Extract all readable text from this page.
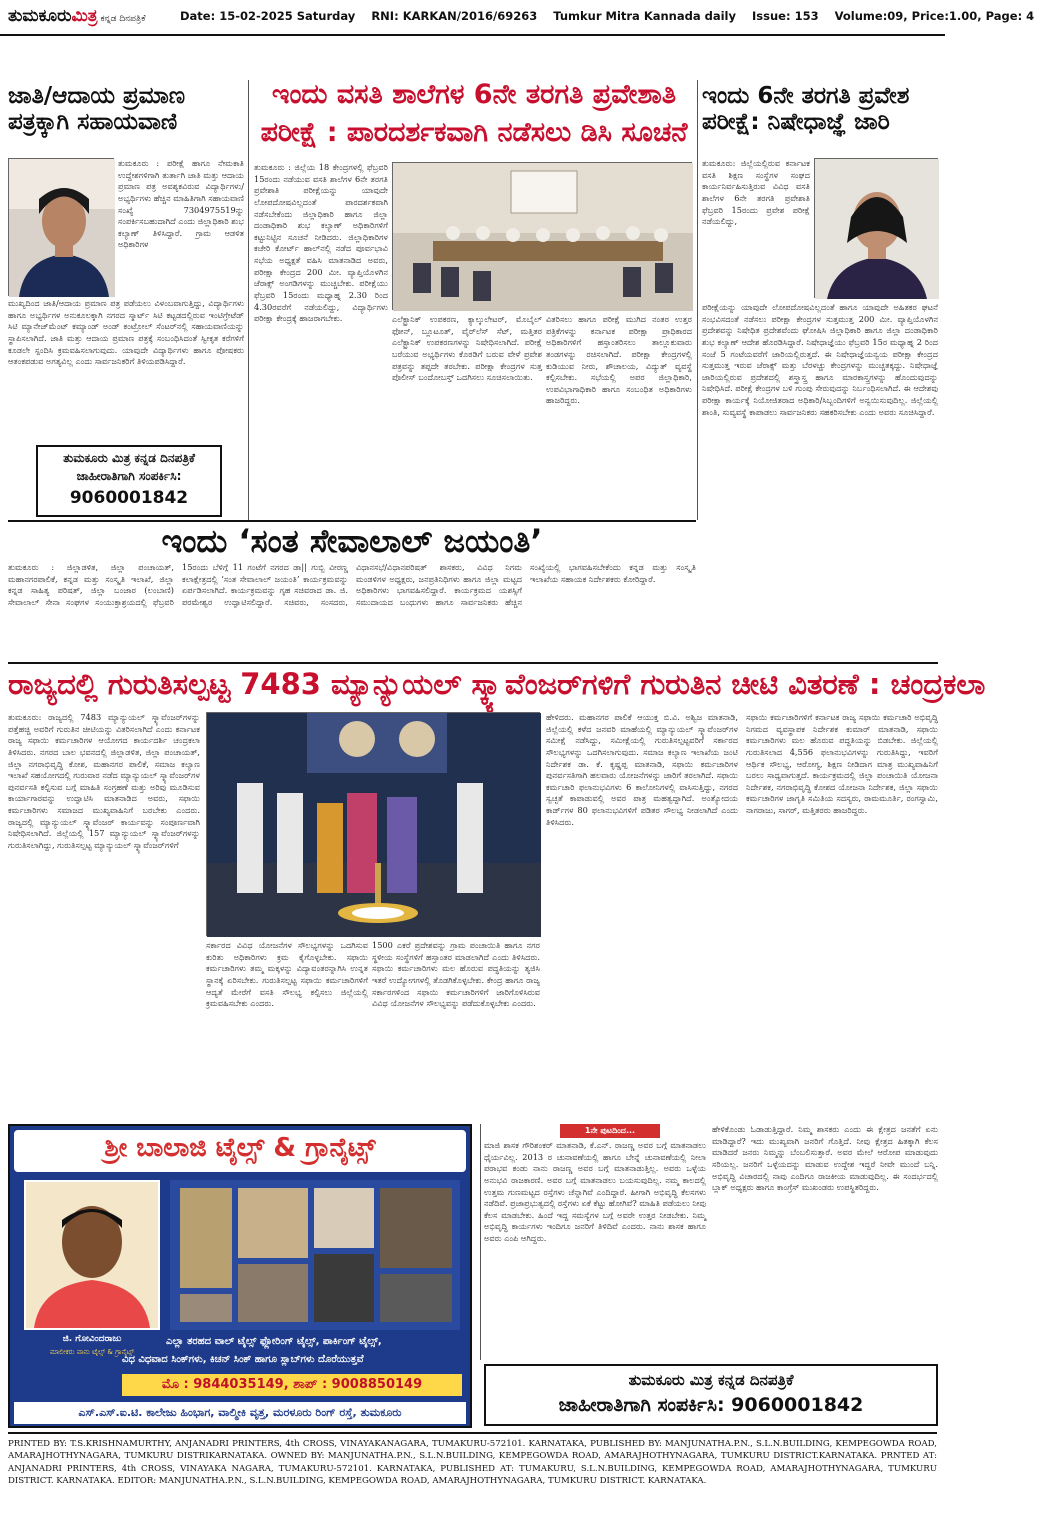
ತುಮಕೂರುಮಿತ್ರ ಕನ್ನಡ ದಿನಪತ್ರಿಕೆ	Date: 15-02-2025 Saturday RNI: KARKAN/2016/69263 Tumkur Mitra Kannada daily Issue: 153 Volume:09, Price:1.00, Page: 4
ಜಾತಿ/ಆದಾಯ ಪ್ರಮಾಣ ಪತ್ರಕ್ಕಾಗಿ ಸಹಾಯವಾಣಿ
ತುಮಕೂರು : ಪರೀಕ್ಷೆ ಹಾಗೂ ನೇಮಕಾತಿ ಉದ್ದೇಶಗಳಿಗಾಗಿ ತುರ್ತಾಗಿ ಜಾತಿ ಮತ್ತು ಆದಾಯ ಪ್ರಮಾಣ ಪತ್ರ ಅವಶ್ಯಕವಿರುವ ವಿದ್ಯಾರ್ಥಿಗಳು/ಅಭ್ಯರ್ಥಿಗಳು ಹೆಚ್ಚಿನ ಮಾಹಿತಿಗಾಗಿ ಸಹಾಯವಾಣಿ ಸಂಖ್ಯೆ 7304975519ನ್ನು ಸಂಪರ್ಕಿಸಬಹುದಾಗಿದೆ ಎಂದು ಜಿಲ್ಲಾಧಿಕಾರಿ ಶುಭ ಕಲ್ಯಾಣ್ ತಿಳಿಸಿದ್ದಾರೆ. ಗ್ರಾಮ ಆಡಳಿತ ಅಧಿಕಾರಿಗಳ
ಮುಖ್ಯದಿಂದ ಜಾತಿ/ಆದಾಯ ಪ್ರಮಾಣ ಪತ್ರ ಪಡೆಯಲು ವಿಳಂಬವಾಗುತ್ತಿದ್ದು, ವಿದ್ಯಾರ್ಥಿಗಳು ಹಾಗೂ ಅಭ್ಯರ್ಥಿಗಳ ಅನುಕೂಲಕ್ಕಾಗಿ ನಗರದ ಸ್ಮಾರ್ಟ್ ಸಿಟಿ ಕಟ್ಟಡದಲ್ಲಿರುವ ಇಂಟಿಗ್ರೇಟೆಡ್ ಸಿಟಿ ಮ್ಯಾನೇಜ್‌ಮೆಂಟ್ ಕಮ್ಯಾಂಡ್ ಅಂಡ್ ಕಂಟ್ರೋಲ್ ಸೆಂಟರ್‌ನಲ್ಲಿ ಸಹಾಯವಾಣಿಯನ್ನು ಸ್ಥಾಪಿಸಲಾಗಿದೆ. ಜಾತಿ ಮತ್ತು ಆದಾಯ ಪ್ರಮಾಣ ಪತ್ರಕ್ಕೆ ಸಂಬಂಧಿಸಿದಂತೆ ಸ್ವೀಕೃತ ಕರೆಗಳಿಗೆ ಕೂಡಲೇ ಸ್ಪಂದಿಸಿ ಕ್ರಮವಹಿಸಲಾಗುವುದು. ಯಾವುದೇ ವಿದ್ಯಾರ್ಥಿಗಳು ಹಾಗೂ ಪೋಷಕರು ಆತಂಕಪಡುವ ಅಗತ್ಯವಿಲ್ಲ ಎಂದು ಸಾರ್ವಜನಿಕರಿಗೆ ತಿಳಿಯಪಡಿಸಿದ್ದಾರೆ.
ತುಮಕೂರು ಮಿತ್ರ ಕನ್ನಡ ದಿನಪತ್ರಿಕೆ
ಜಾಹೀರಾತಿಗಾಗಿ ಸಂಪರ್ಕಿಸಿ:
9060001842
ಇಂದು ವಸತಿ ಶಾಲೆಗಳ 6ನೇ ತರಗತಿ ಪ್ರವೇಶಾತಿ
ಪರೀಕ್ಷೆ : ಪಾರದರ್ಶಕವಾಗಿ ನಡೆಸಲು ಡಿಸಿ ಸೂಚನೆ
ತುಮಕೂರು : ಜಿಲ್ಲೆಯ 18 ಕೇಂದ್ರಗಳಲ್ಲಿ ಫೆಬ್ರವರಿ 15ರಂದು ನಡೆಯುವ ವಸತಿ ಶಾಲೆಗಳ 6ನೇ ತರಗತಿ ಪ್ರವೇಶಾತಿ ಪರೀಕ್ಷೆಯನ್ನು ಯಾವುದೇ ಲೋಪದೋಷವಿಲ್ಲದಂತೆ ಪಾರದರ್ಶಕವಾಗಿ ನಡೆಸಬೇಕೆಂದು ಜಿಲ್ಲಾಧಿಕಾರಿ ಹಾಗೂ ಜಿಲ್ಲಾ ದಂಡಾಧಿಕಾರಿ ಶುಭ ಕಲ್ಯಾಣ್ ಅಧಿಕಾರಿಗಳಿಗೆ ಕಟ್ಟುನಿಟ್ಟಿನ ಸೂಚನೆ ನೀಡಿದರು. ಜಿಲ್ಲಾಧಿಕಾರಿಗಳ ಕಚೇರಿ ಕೋರ್ಟ್ ಹಾಲ್‌ನಲ್ಲಿ ನಡೆದ ಪೂರ್ವಭಾವಿ ಸಭೆಯ ಅಧ್ಯಕ್ಷತೆ ವಹಿಸಿ ಮಾತನಾಡಿದ ಅವರು, ಪರೀಕ್ಷಾ ಕೇಂದ್ರದ 200 ಮೀ. ವ್ಯಾಪ್ತಿಯೊಳಗಿನ ಜೆರಾಕ್ಸ್ ಅಂಗಡಿಗಳನ್ನು ಮುಚ್ಚಬೇಕು. ಪರೀಕ್ಷೆಯು ಫೆಬ್ರವರಿ 15ರಂದು ಮಧ್ಯಾಹ್ನ 2.30 ರಿಂದ 4.30ರವರೆಗೆ ನಡೆಯಲಿದ್ದು, ವಿದ್ಯಾರ್ಥಿಗಳು ಪರೀಕ್ಷಾ ಕೇಂದ್ರಕ್ಕೆ ಹಾಜರಾಗಬೇಕು.	ಎಲೆಕ್ಟ್ರಾನಿಕ್ ಉಪಕರಣ, ಕ್ಯಾಲ್ಕುಲೇಟರ್, ಮೊಬೈಲ್ ಫೋನ್, ಬ್ಲೂಟೂತ್, ವೈರ್‌ಲೆಸ್ ಸೆಟ್, ಮತ್ತಿತರ ಎಲೆಕ್ಟ್ರಾನಿಕ್ ಉಪಕರಣಗಳನ್ನು ನಿಷೇಧಿಸಲಾಗಿದೆ. ಪರೀಕ್ಷೆ ಬರೆಯುವ ಅಭ್ಯರ್ಥಿಗಳು ಕೊಠಡಿಗೆ ಬರುವ ವೇಳೆ ಪ್ರವೇಶ ಪತ್ರವನ್ನು ತಪ್ಪದೇ ತರಬೇಕು. ಪರೀಕ್ಷಾ ಕೇಂದ್ರಗಳ ಸುತ್ತ ಪೊಲೀಸ್ ಬಂದೋಬಸ್ತ್ ಒದಗಿಸಲು ಸೂಚಿಸಲಾಯಿತು.
ವಿತರಿಸಲು ಹಾಗೂ ಪರೀಕ್ಷೆ ಮುಗಿದ ನಂತರ ಉತ್ತರ ಪತ್ರಿಕೆಗಳನ್ನು ಕರ್ನಾಟಕ ಪರೀಕ್ಷಾ ಪ್ರಾಧಿಕಾರದ ಅಧಿಕಾರಿಗಳಿಗೆ ಹಸ್ತಾಂತರಿಸಲು ತಾಲ್ಲೂಕುವಾರು ತಂಡಗಳನ್ನು ರಚಿಸಲಾಗಿದೆ. ಪರೀಕ್ಷಾ ಕೇಂದ್ರಗಳಲ್ಲಿ ಕುಡಿಯುವ ನೀರು, ಶೌಚಾಲಯ, ವಿದ್ಯುತ್ ವ್ಯವಸ್ಥೆ ಕಲ್ಪಿಸಬೇಕು. ಸಭೆಯಲ್ಲಿ ಅಪರ ಜಿಲ್ಲಾಧಿಕಾರಿ, ಉಪವಿಭಾಗಾಧಿಕಾರಿ ಹಾಗೂ ಸಂಬಂಧಿತ ಅಧಿಕಾರಿಗಳು ಹಾಜರಿದ್ದರು.
ಇಂದು 6ನೇ ತರಗತಿ ಪ್ರವೇಶ ಪರೀಕ್ಷೆ: ನಿಷೇಧಾಜ್ಞೆ ಜಾರಿ
ತುಮಕೂರು: ಜಿಲ್ಲೆಯಲ್ಲಿರುವ ಕರ್ನಾಟಕ ವಸತಿ ಶಿಕ್ಷಣ ಸಂಸ್ಥೆಗಳ ಸಂಘದ ಕಾರ್ಯನಿರ್ವಹಿಸುತ್ತಿರುವ ವಿವಿಧ ವಸತಿ ಶಾಲೆಗಳ 6ನೇ ತರಗತಿ ಪ್ರವೇಶಾತಿ ಫೆಬ್ರವರಿ 15ರಂದು ಪ್ರವೇಶ ಪರೀಕ್ಷೆ ನಡೆಯಲಿದ್ದು,
ಪರೀಕ್ಷೆಯನ್ನು ಯಾವುದೇ ಲೋಪದೋಷವಿಲ್ಲದಂತೆ ಹಾಗೂ ಯಾವುದೇ ಅಹಿತಕರ ಘಟನೆ ಸಂಭವಿಸದಂತೆ ನಡೆಸಲು ಪರೀಕ್ಷಾ ಕೇಂದ್ರಗಳ ಸುತ್ತಮುತ್ತ 200 ಮೀ. ವ್ಯಾಪ್ತಿಯೊಳಗಿನ ಪ್ರದೇಶವನ್ನು ನಿಷೇಧಿತ ಪ್ರದೇಶವೆಂದು ಘೋಷಿಸಿ ಜಿಲ್ಲಾಧಿಕಾರಿ ಹಾಗೂ ಜಿಲ್ಲಾ ದಂಡಾಧಿಕಾರಿ ಶುಭ ಕಲ್ಯಾಣ್ ಆದೇಶ ಹೊರಡಿಸಿದ್ದಾರೆ. ನಿಷೇಧಾಜ್ಞೆಯು ಫೆಬ್ರವರಿ 15ರ ಮಧ್ಯಾಹ್ನ 2 ರಿಂದ ಸಂಜೆ 5 ಗಂಟೆಯವರೆಗೆ ಜಾರಿಯಲ್ಲಿರುತ್ತದೆ. ಈ ನಿಷೇಧಾಜ್ಞೆಯನ್ವಯ ಪರೀಕ್ಷಾ ಕೇಂದ್ರದ ಸುತ್ತಮುತ್ತ ಇರುವ ಜೆರಾಕ್ಸ್ ಮತ್ತು ಬೆರಳಚ್ಚು ಕೇಂದ್ರಗಳನ್ನು ಮುಚ್ಚತಕ್ಕದ್ದು. ನಿಷೇಧಾಜ್ಞೆ ಜಾರಿಯಲ್ಲಿರುವ ಪ್ರದೇಶದಲ್ಲಿ ಶಸ್ತ್ರಾಸ್ತ್ರ ಹಾಗೂ ಮಾರಕಾಸ್ತ್ರಗಳನ್ನು ಹೊಂದುವುದನ್ನು ನಿಷೇಧಿಸಿದೆ. ಪರೀಕ್ಷೆ ಕೇಂದ್ರಗಳ ಬಳಿ ಗುಂಪು ಸೇರುವುದನ್ನು ನಿರ್ಬಂಧಿಸಲಾಗಿದೆ. ಈ ಆದೇಶವು ಪರೀಕ್ಷಾ ಕಾರ್ಯಕ್ಕೆ ನಿಯೋಜಿತರಾದ ಅಧಿಕಾರಿ/ಸಿಬ್ಬಂದಿಗಳಿಗೆ ಅನ್ವಯಿಸುವುದಿಲ್ಲ. ಜಿಲ್ಲೆಯಲ್ಲಿ ಶಾಂತಿ, ಸುವ್ಯವಸ್ಥೆ ಕಾಪಾಡಲು ಸಾರ್ವಜನಿಕರು ಸಹಕರಿಸಬೇಕು ಎಂದು ಅವರು ಸೂಚಿಸಿದ್ದಾರೆ.
ಇಂದು ‘ಸಂತ ಸೇವಾಲಾಲ್ ಜಯಂತಿ’
ತುಮಕೂರು : ಜಿಲ್ಲಾಡಳಿತ, ಜಿಲ್ಲಾ ಪಂಚಾಯತ್, ಮಹಾನಗರಪಾಲಿಕೆ, ಕನ್ನಡ ಮತ್ತು ಸಂಸ್ಕೃತಿ ಇಲಾಖೆ, ಜಿಲ್ಲಾ ಕನ್ನಡ ಸಾಹಿತ್ಯ ಪರಿಷತ್, ಜಿಲ್ಲಾ ಬಂಜಾರ (ಲಂಬಾಣಿ) ಸೇವಾಲಾಲ್ ಸೇನಾ ಸಂಘಗಳ ಸಂಯುಕ್ತಾಶ್ರಯದಲ್ಲಿ ಫೆಬ್ರವರಿ 15ರಂದು ಬೆಳಿಗ್ಗೆ 11 ಗಂಟೆಗೆ ನಗರದ ಡಾ|| ಗುಬ್ಬಿ ವೀರಣ್ಣ ಕಲಾಕ್ಷೇತ್ರದಲ್ಲಿ ‘ಸಂತ ಸೇವಾಲಾಲ್ ಜಯಂತಿ’ ಕಾರ್ಯಕ್ರಮವನ್ನು ಏರ್ಪಡಿಸಲಾಗಿದೆ. ಕಾರ್ಯಕ್ರಮವನ್ನು ಗೃಹ ಸಚಿವರಾದ ಡಾ. ಜಿ. ಪರಮೇಶ್ವರ ಉದ್ಘಾಟಿಸಲಿದ್ದಾರೆ. ಸಚಿವರು, ಸಂಸದರು, ವಿಧಾನಸಭೆ/ವಿಧಾನಪರಿಷತ್ ಶಾಸಕರು, ವಿವಿಧ ನಿಗಮ ಮಂಡಳಿಗಳ ಅಧ್ಯಕ್ಷರು, ಜನಪ್ರತಿನಿಧಿಗಳು ಹಾಗೂ ಜಿಲ್ಲಾ ಮಟ್ಟದ ಅಧಿಕಾರಿಗಳು ಭಾಗವಹಿಸಲಿದ್ದಾರೆ. ಕಾರ್ಯಕ್ರಮದ ಯಶಸ್ಸಿಗೆ ಸಮುದಾಯದ ಬಂಧುಗಳು ಹಾಗೂ ಸಾರ್ವಜನಿಕರು ಹೆಚ್ಚಿನ ಸಂಖ್ಯೆಯಲ್ಲಿ ಭಾಗವಹಿಸಬೇಕೆಂದು ಕನ್ನಡ ಮತ್ತು ಸಂಸ್ಕೃತಿ ಇಲಾಖೆಯ ಸಹಾಯಕ ನಿರ್ದೇಶಕರು ಕೋರಿದ್ದಾರೆ.
ರಾಜ್ಯದಲ್ಲಿ ಗುರುತಿಸಲ್ಪಟ್ಟ 7483 ಮ್ಯಾನ್ಯುಯಲ್ ಸ್ಕ್ಯಾವೆಂಜರ್‌ಗಳಿಗೆ ಗುರುತಿನ ಚೀಟಿ ವಿತರಣೆ : ಚಂದ್ರಕಲಾ
ತುಮಕೂರು: ರಾಜ್ಯದಲ್ಲಿ 7483 ಮ್ಯಾನ್ಯುಯಲ್ ಸ್ಕ್ಯಾವೆಂಜರ್‌ಗಳನ್ನು ಪತ್ತೆಹಚ್ಚಿ ಅವರಿಗೆ ಗುರುತಿನ ಚೀಟಿಯನ್ನು ವಿತರಿಸಲಾಗಿದೆ ಎಂದು ಕರ್ನಾಟಕ ರಾಜ್ಯ ಸಫಾಯಿ ಕರ್ಮಚಾರಿಗಳ ಆಯೋಗದ ಕಾರ್ಯದರ್ಶಿ ಚಂದ್ರಕಲಾ ತಿಳಿಸಿದರು. ನಗರದ ಬಾಲ ಭವನದಲ್ಲಿ ಜಿಲ್ಲಾಡಳಿತ, ಜಿಲ್ಲಾ ಪಂಚಾಯತ್, ಜಿಲ್ಲಾ ನಗರಾಭಿವೃದ್ಧಿ ಕೋಶ, ಮಹಾನಗರ ಪಾಲಿಕೆ, ಸಮಾಜ ಕಲ್ಯಾಣ ಇಲಾಖೆ ಸಹಯೋಗದಲ್ಲಿ ಗುರುವಾರ ನಡೆದ ಮ್ಯಾನ್ಯುಯಲ್ ಸ್ಕ್ಯಾವೆಂಜರ್‌ಗಳ ಪುನರ್ವಸತಿ ಕಲ್ಪಿಸುವ ಬಗ್ಗೆ ಮಾಹಿತಿ ಸಂಗ್ರಹಣೆ ಮತ್ತು ಅರಿವು ಮೂಡಿಸುವ ಕಾರ್ಯಾಗಾರವನ್ನು ಉದ್ಘಾಟಿಸಿ ಮಾತನಾಡಿದ ಅವರು, ಸಫಾಯಿ ಕರ್ಮಚಾರಿಗಳು ಸಮಾಜದ ಮುಖ್ಯವಾಹಿನಿಗೆ ಬರಬೇಕು ಎಂದರು. ರಾಜ್ಯದಲ್ಲಿ ಮ್ಯಾನ್ಯುಯಲ್ ಸ್ಕ್ಯಾವೆಂಜರ್ ಕಾರ್ಯವನ್ನು ಸಂಪೂರ್ಣವಾಗಿ ನಿಷೇಧಿಸಲಾಗಿದೆ. ಜಿಲ್ಲೆಯಲ್ಲಿ 157 ಮ್ಯಾನ್ಯುಯಲ್ ಸ್ಕ್ಯಾವೆಂಜರ್‌ಗಳನ್ನು ಗುರುತಿಸಲಾಗಿದ್ದು, ಗುರುತಿಸಲ್ಪಟ್ಟ ಮ್ಯಾನ್ಯುಯಲ್ ಸ್ಕ್ಯಾವೆಂಜರ್‌ಗಳಿಗೆ
ಸರ್ಕಾರದ ವಿವಿಧ ಯೋಜನೆಗಳ ಸೌಲಭ್ಯಗಳನ್ನು ಒದಗಿಸುವ ಕುರಿತು ಅಧಿಕಾರಿಗಳು ಕ್ರಮ ಕೈಗೊಳ್ಳಬೇಕು. ಸಫಾಯಿ ಕರ್ಮಚಾರಿಗಳು ತಮ್ಮ ಮಕ್ಕಳನ್ನು ವಿದ್ಯಾವಂತರನ್ನಾಗಿಸಿ ಉನ್ನತ ಸ್ಥಾನಕ್ಕೆ ಏರಿಸಬೇಕು. ಗುರುತಿಸಲ್ಪಟ್ಟ ಸಫಾಯಿ ಕರ್ಮಚಾರಿಗಳಿಗೆ ಆದ್ಯತೆ ಮೇರೆಗೆ ವಸತಿ ಸೌಲಭ್ಯ ಕಲ್ಪಿಸಲು ಜಿಲ್ಲೆಯಲ್ಲಿ ಕ್ರಮವಹಿಸಬೇಕು ಎಂದರು.
1500 ಎಕರೆ ಪ್ರದೇಶವನ್ನು ಗ್ರಾಮ ಪಂಚಾಯಿತಿ ಹಾಗೂ ನಗರ ಸ್ಥಳೀಯ ಸಂಸ್ಥೆಗಳಿಗೆ ಹಸ್ತಾಂತರ ಮಾಡಲಾಗಿದೆ ಎಂದು ತಿಳಿಸಿದರು. ಸಫಾಯಿ ಕರ್ಮಚಾರಿಗಳು ಮಲ ಹೊರುವ ಪದ್ಧತಿಯನ್ನು ತ್ಯಜಿಸಿ ಇತರೆ ಉದ್ಯೋಗಗಳಲ್ಲಿ ತೊಡಗಿಕೊಳ್ಳಬೇಕು. ಕೇಂದ್ರ ಹಾಗೂ ರಾಜ್ಯ ಸರ್ಕಾರಗಳಿಂದ ಸಫಾಯಿ ಕರ್ಮಚಾರಿಗಳಿಗೆ ಜಾರಿಗೊಳಿಸಿರುವ ವಿವಿಧ ಯೋಜನೆಗಳ ಸೌಲಭ್ಯವನ್ನು ಪಡೆದುಕೊಳ್ಳಬೇಕು ಎಂದರು.
ಹೇಳಿದರು. ಮಹಾನಗರ ಪಾಲಿಕೆ ಆಯುಕ್ತ ಬಿ.ವಿ. ಅಶ್ವಿಜ ಮಾತನಾಡಿ, ಜಿಲ್ಲೆಯಲ್ಲಿ ಕಳೆದ ಜನವರಿ ಮಾಹೆಯಲ್ಲಿ ಮ್ಯಾನ್ಯುಯಲ್ ಸ್ಕ್ಯಾವೆಂಜರ್‌ಗಳ ಸಮೀಕ್ಷೆ ನಡೆಸಿದ್ದು, ಸಮೀಕ್ಷೆಯಲ್ಲಿ ಗುರುತಿಸಲ್ಪಟ್ಟವರಿಗೆ ಸರ್ಕಾರದ ಸೌಲಭ್ಯಗಳನ್ನು ಒದಗಿಸಲಾಗುವುದು. ಸಮಾಜ ಕಲ್ಯಾಣ ಇಲಾಖೆಯ ಜಂಟಿ ನಿರ್ದೇಶಕ ಡಾ. ಕೆ. ಕೃಷ್ಣಪ್ಪ ಮಾತನಾಡಿ, ಸಫಾಯಿ ಕರ್ಮಚಾರಿಗಳ ಪುನರ್ವಸತಿಗಾಗಿ ಹಲವಾರು ಯೋಜನೆಗಳನ್ನು ಜಾರಿಗೆ ತರಲಾಗಿದೆ. ಸಫಾಯಿ ಕರ್ಮಚಾರಿ ಫಲಾನುಭವಿಗಳು 6 ಕಾಲೋನಿಗಳಲ್ಲಿ ವಾಸಿಸುತ್ತಿದ್ದು, ನಗರದ ಸ್ವಚ್ಛತೆ ಕಾಪಾಡುವಲ್ಲಿ ಅವರ ಪಾತ್ರ ಮಹತ್ವದ್ದಾಗಿದೆ. ಅಂತ್ಯೋದಯ ಕಾರ್ಡ್‌ಗಳ 80 ಫಲಾನುಭವಿಗಳಿಗೆ ಪಡಿತರ ಸೌಲಭ್ಯ ನೀಡಲಾಗಿದೆ ಎಂದು ತಿಳಿಸಿದರು.
ಸಫಾಯಿ ಕರ್ಮಚಾರಿಗಳಿಗೆ ಕರ್ನಾಟಕ ರಾಜ್ಯ ಸಫಾಯಿ ಕರ್ಮಚಾರಿ ಅಭಿವೃದ್ಧಿ ನಿಗಮದ ವ್ಯವಸ್ಥಾಪಕ ನಿರ್ದೇಶಕ ಕುಮಾರ್ ಮಾತನಾಡಿ, ಸಫಾಯಿ ಕರ್ಮಚಾರಿಗಳು ಮಲ ಹೊರುವ ಪದ್ಧತಿಯನ್ನು ಬಿಡಬೇಕು. ಜಿಲ್ಲೆಯಲ್ಲಿ ಗುರುತಿಸಲಾದ 4,556 ಫಲಾನುಭವಿಗಳನ್ನು ಗುರುತಿಸಿದ್ದು, ಇವರಿಗೆ ಆರ್ಥಿಕ ಸೌಲಭ್ಯ, ಆರೋಗ್ಯ, ಶಿಕ್ಷಣ ನೀಡಿದಾಗ ಮಾತ್ರ ಮುಖ್ಯವಾಹಿನಿಗೆ ಬರಲು ಸಾಧ್ಯವಾಗುತ್ತದೆ. ಕಾರ್ಯಕ್ರಮದಲ್ಲಿ ಜಿಲ್ಲಾ ಪಂಚಾಯಿತಿ ಯೋಜನಾ ನಿರ್ದೇಶಕ, ನಗರಾಭಿವೃದ್ಧಿ ಕೋಶದ ಯೋಜನಾ ನಿರ್ದೇಶಕ, ಜಿಲ್ಲಾ ಸಫಾಯಿ ಕರ್ಮಚಾರಿಗಳ ಜಾಗೃತಿ ಸಮಿತಿಯ ಸದಸ್ಯರು, ರಾಮಮೂರ್ತಿ, ರಂಗಸ್ವಾಮಿ, ನಾಗರಾಜು, ಸಾಗರ್, ಮತ್ತಿತರರು ಹಾಜರಿದ್ದರು.
ಶ್ರೀ ಬಾಲಾಜಿ ಟೈಲ್ಸ್ & ಗ್ರಾನೈಟ್ಸ್
ಜಿ. ಗೋವಿಂದರಾಜು
ಮಾಲೀಕರು ವಾನು ಟೈಲ್ಸ್ & ಗ್ರಾನೈಟ್ಸ್
ಎಲ್ಲಾ ತರಹದ ವಾಲ್ ಟೈಲ್ಸ್ ಫ್ಲೋರಿಂಗ್ ಟೈಲ್ಸ್, ಪಾರ್ಕಿಂಗ್ ಟೈಲ್ಸ್,
ವಿಧ ವಿಧವಾದ ಸಿಂಕ್‌ಗಳು, ಕಿಚನ್ ಸಿಂಕ್ ಹಾಗೂ ಸ್ಲಾಬ್‌ಗಳು ದೊರೆಯುತ್ತವೆ
ಮೊ : 9844035149, ಶಾಪ್ : 9008850149
ಎಸ್.ಎಸ್.ಐ.ಟಿ. ಕಾಲೇಜು ಹಿಂಭಾಗ, ವಾಲ್ಮೀಕಿ ವೃತ್ತ, ಮರಳೂರು ರಿಂಗ್ ರಸ್ತೆ, ತುಮಕೂರು
1ನೇ ಪುಟದಿಂದ...
ಮಾಜಿ ಶಾಸಕ ಗೌರಿಶಂಕರ್ ಮಾತನಾಡಿ, ಕೆ.ಎನ್. ರಾಜಣ್ಣ ಅವರ ಬಗ್ಗೆ ಮಾತನಾಡಲು ಧೈರ್ಯವಿಲ್ಲ. 2013 ರ ಚುನಾವಣೆಯಲ್ಲಿ ಹಾಗೂ ಬೇನ್ನೆ ಚುನಾವಣೆಯಲ್ಲಿ ನೀಲಾ ಪರಾಭವ ಕಂಡು ನಾನು ರಾಜಣ್ಣ ಅವರ ಬಗ್ಗೆ ಮಾತನಾಡುತ್ತಿಲ್ಲ. ಅವರು ಒಳ್ಳೆಯ ಅನುಭವಿ ರಾಜಕಾರಣಿ. ಅವರ ಬಗ್ಗೆ ಮಾತನಾಡಲು ಬಯಸುವುದಿಲ್ಲ. ನಮ್ಮ ಕಾಲದಲ್ಲಿ ಉತ್ತಮ ಗುಣಮಟ್ಟದ ರಸ್ತೆಗಳು ಚೆನ್ನಾಗಿವೆ ಎಂದಿದ್ದಾರೆ. ಹೀಗಾಗಿ ಅಭಿವೃದ್ಧಿ ಕೆಲಸಗಳು ನಡೆದಿವೆ. ಪ್ರಜಾಪ್ರಭುತ್ವದಲ್ಲಿ ರಸ್ತೆಗಳು ಏಕೆ ಕೆಟ್ಟು ಹೋಗಿವೆ? ಮಾಹಿತಿ ಪಡೆಯಲು ನೀವು ಕೆಲಸ ಮಾಡಬೇಕು. ಹಿಂದೆ ಇದ್ದ ಸಮಸ್ಯೆಗಳ ಬಗ್ಗೆ ಅವರೇ ಉತ್ತರ ನೀಡಬೇಕು. ನಿಮ್ಮ ಅಭಿವೃದ್ಧಿ ಕಾರ್ಯಗಳು ಇಂದಿಗೂ ಜನರಿಗೆ ತಿಳಿದಿವೆ ಎಂದರು. ನಾನು ಶಾಸಕ ಹಾಗೂ ಅವರು ಎಂಪಿ ಆಗಿದ್ದರು.
ಹೇಳಿಕೊಂಡು ಓಡಾಡುತ್ತಿದ್ದಾರೆ. ನಿಮ್ಮ ಶಾಸಕರು ಎಂದು ಈ ಕ್ಷೇತ್ರದ ಜನತೆಗೆ ಏನು ಮಾಡಿದ್ದಾರೆ? ಇದು ಮುಖ್ಯವಾಗಿ ಜನರಿಗೆ ಗೊತ್ತಿದೆ. ನೀವು ಕ್ಷೇತ್ರದ ಹಿತಕ್ಕಾಗಿ ಕೆಲಸ ಮಾಡಿದರೆ ಜನರು ನಿಮ್ಮನ್ನು ಬೆಂಬಲಿಸುತ್ತಾರೆ. ಅವರ ಮೇಲೆ ಆರೋಪ ಮಾಡುವುದು ಸರಿಯಲ್ಲ. ಜನರಿಗೆ ಒಳ್ಳೆಯದನ್ನು ಮಾಡುವ ಉದ್ದೇಶ ಇದ್ದರೆ ನೀವೇ ಮುಂದೆ ಬನ್ನಿ. ಅಭಿವೃದ್ಧಿ ವಿಚಾರದಲ್ಲಿ ನಾವು ಎಂದಿಗೂ ರಾಜಕೀಯ ಮಾಡುವುದಿಲ್ಲ. ಈ ಸಂದರ್ಭದಲ್ಲಿ ಬ್ಲಾಕ್ ಅಧ್ಯಕ್ಷರು ಹಾಗೂ ಕಾಂಗ್ರೆಸ್ ಮುಖಂಡರು ಉಪಸ್ಥಿತರಿದ್ದರು.
ತುಮಕೂರು ಮಿತ್ರ ಕನ್ನಡ ದಿನಪತ್ರಿಕೆ
ಜಾಹೀರಾತಿಗಾಗಿ ಸಂಪರ್ಕಿಸಿ: 9060001842
PRINTED BY: T.S.KRISHNAMURTHY, ANJANADRI PRINTERS, 4th CROSS, VINAYAKANAGARA, TUMAKURU-572101. KARNATAKA, PUBLISHED BY: MANJUNATHA.P.N., S.L.N.BUILDING, KEMPEGOWDA ROAD, AMARAJHOTHYNAGARA, TUMKURU DISTRIKARNATAKA. OWNED BY: MANJUNATHA.P.N., S.L.N.BUILDING, KEMPEGOWDA ROAD, AMARAJHOTHYNAGARA, TUMKURU DISTRICT.KARNATAKA. PRNTED AT: ANJANADRI PRINTERS, 4th CROSS, VINAYAKA NAGARA, TUMAKURU-572101. KARNATAKA, PUBLISHED AT: TUMAKURU, S.L.N.BUILDING, KEMPEGOWDA ROAD, AMARAJHOTHYNAGARA, TUMKURU DISTRICT. KARNATAKA. EDITOR: MANJUNATHA.P.N., S.L.N.BUILDING, KEMPEGOWDA ROAD, AMARAJHOTHYNAGARA, TUMKURU DISTRICT. KARNATAKA.
